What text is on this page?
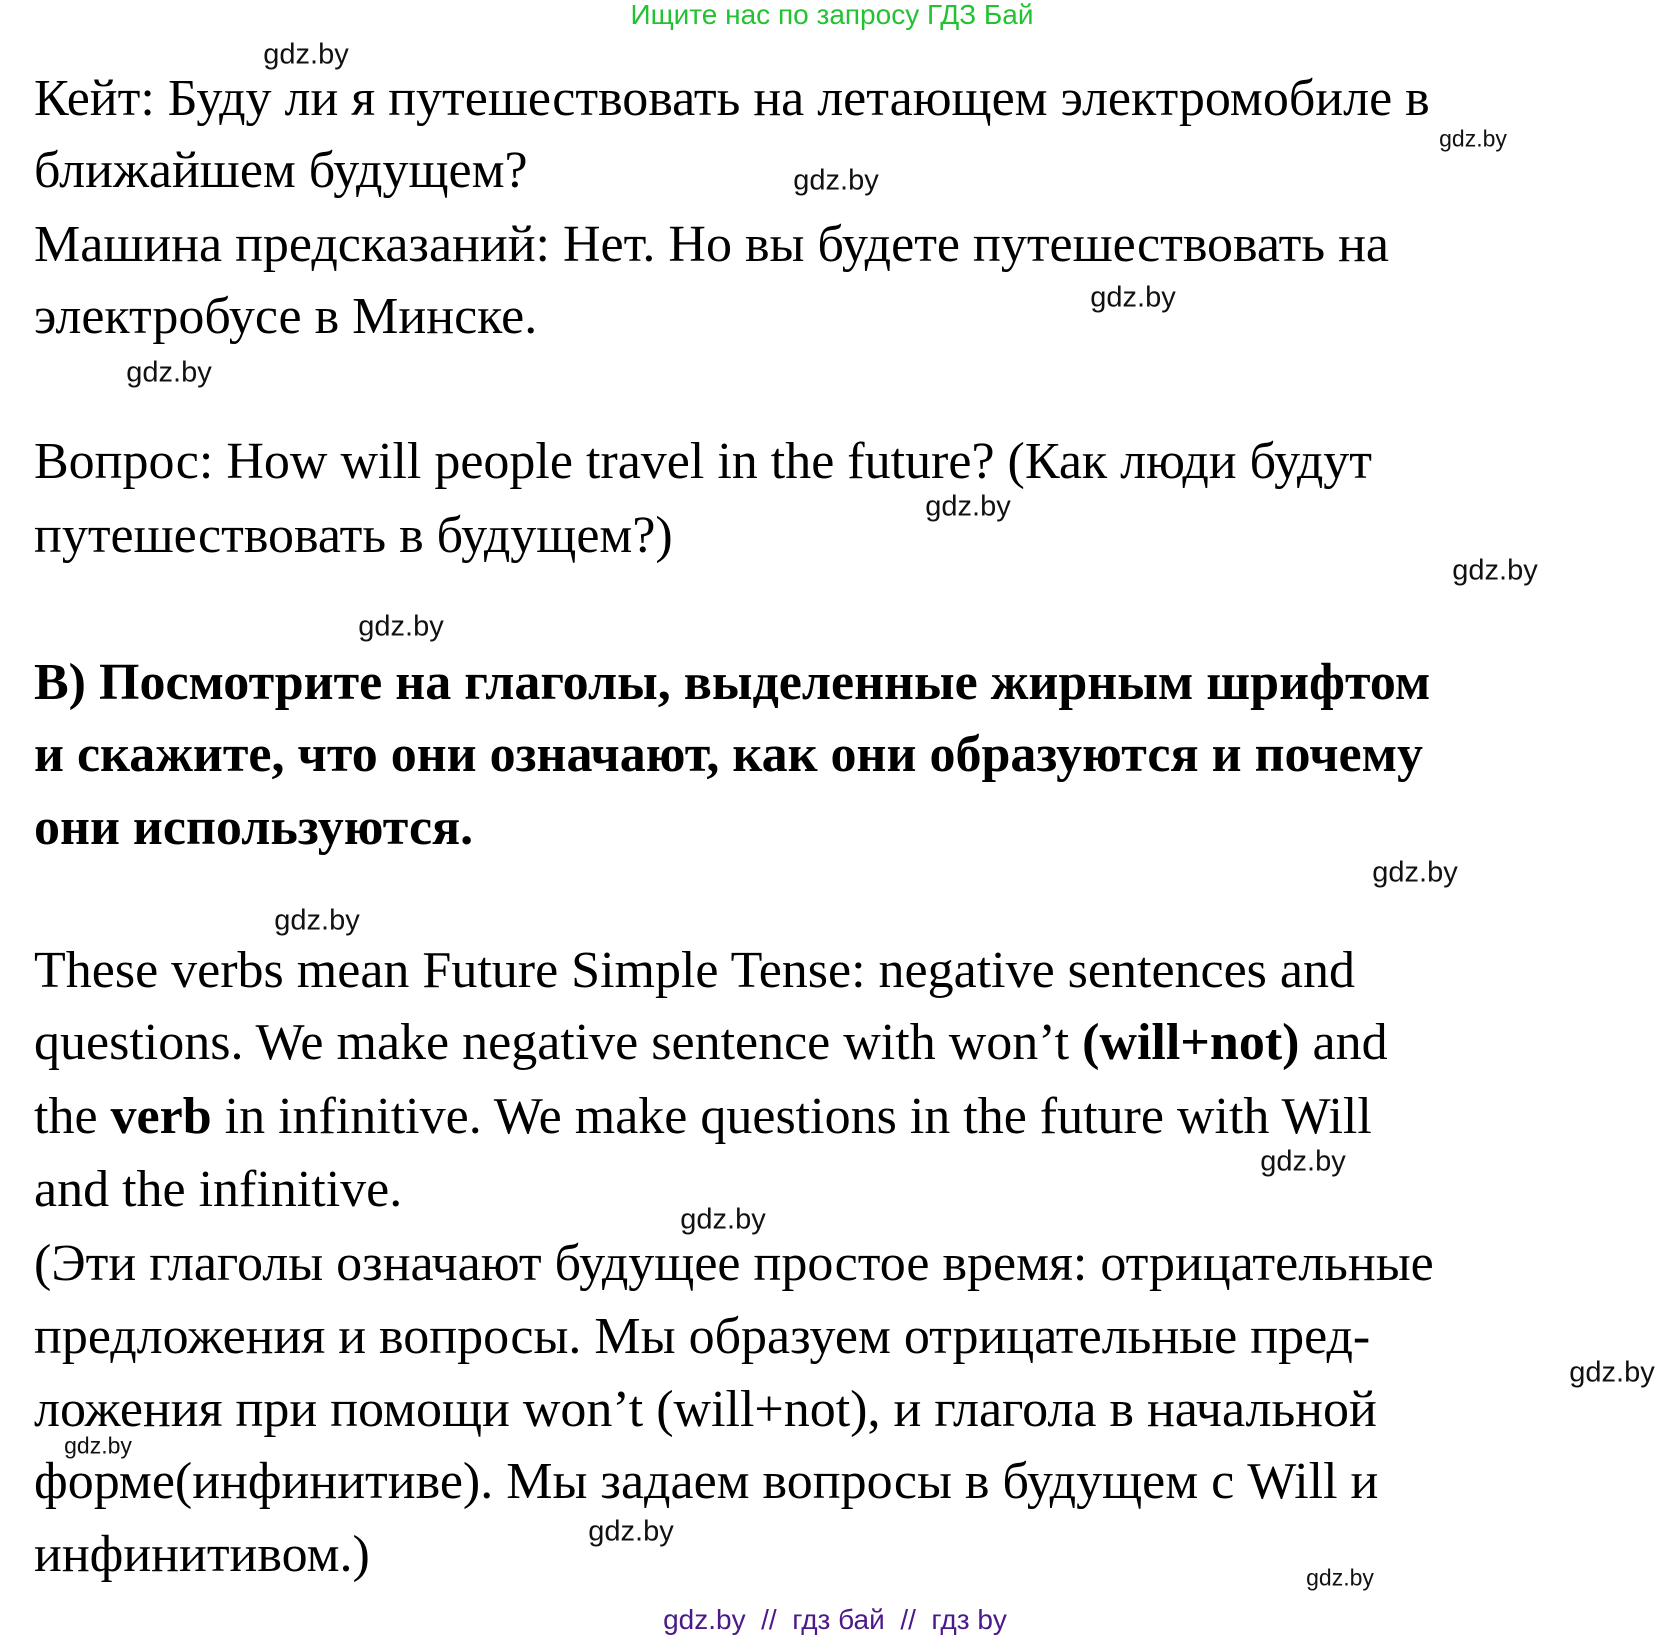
Ищите нас по запросу ГДЗ Бай
Кейт: Буду ли я путешествовать на летающем электромобиле в
ближайшем будущем?
Машина предсказаний: Нет. Но вы будете путешествовать на
электробусе в Минске.
Вопрос: How will people travel in the future? (Как люди будут
путешествовать в будущем?)
В) Посмотрите на глаголы, выделенные жирным шрифтом
и скажите, что они означают, как они образуются и почему
они используются.
These verbs mean Future Simple Tense: negative sentences and
questions. We make negative sentence with won’t (will+not) and
the verb in infinitive. We make questions in the future with Will
and the infinitive.
(Эти глаголы означают будущее простое время: отрицательные
предложения и вопросы. Мы образуем отрицательные пред-
ложения при помощи won’t (will+not), и глагола в начальной
форме(инфинитиве). Мы задаем вопросы в будущем с Will и
инфинитивом.)
gdz.by
gdz.by
gdz.by
gdz.by
gdz.by
gdz.by
gdz.by
gdz.by
gdz.by
gdz.by
gdz.by
gdz.by
gdz.by
gdz.by
gdz.by
gdz.by
gdz.by  //  гдз бай  //  гдз by
